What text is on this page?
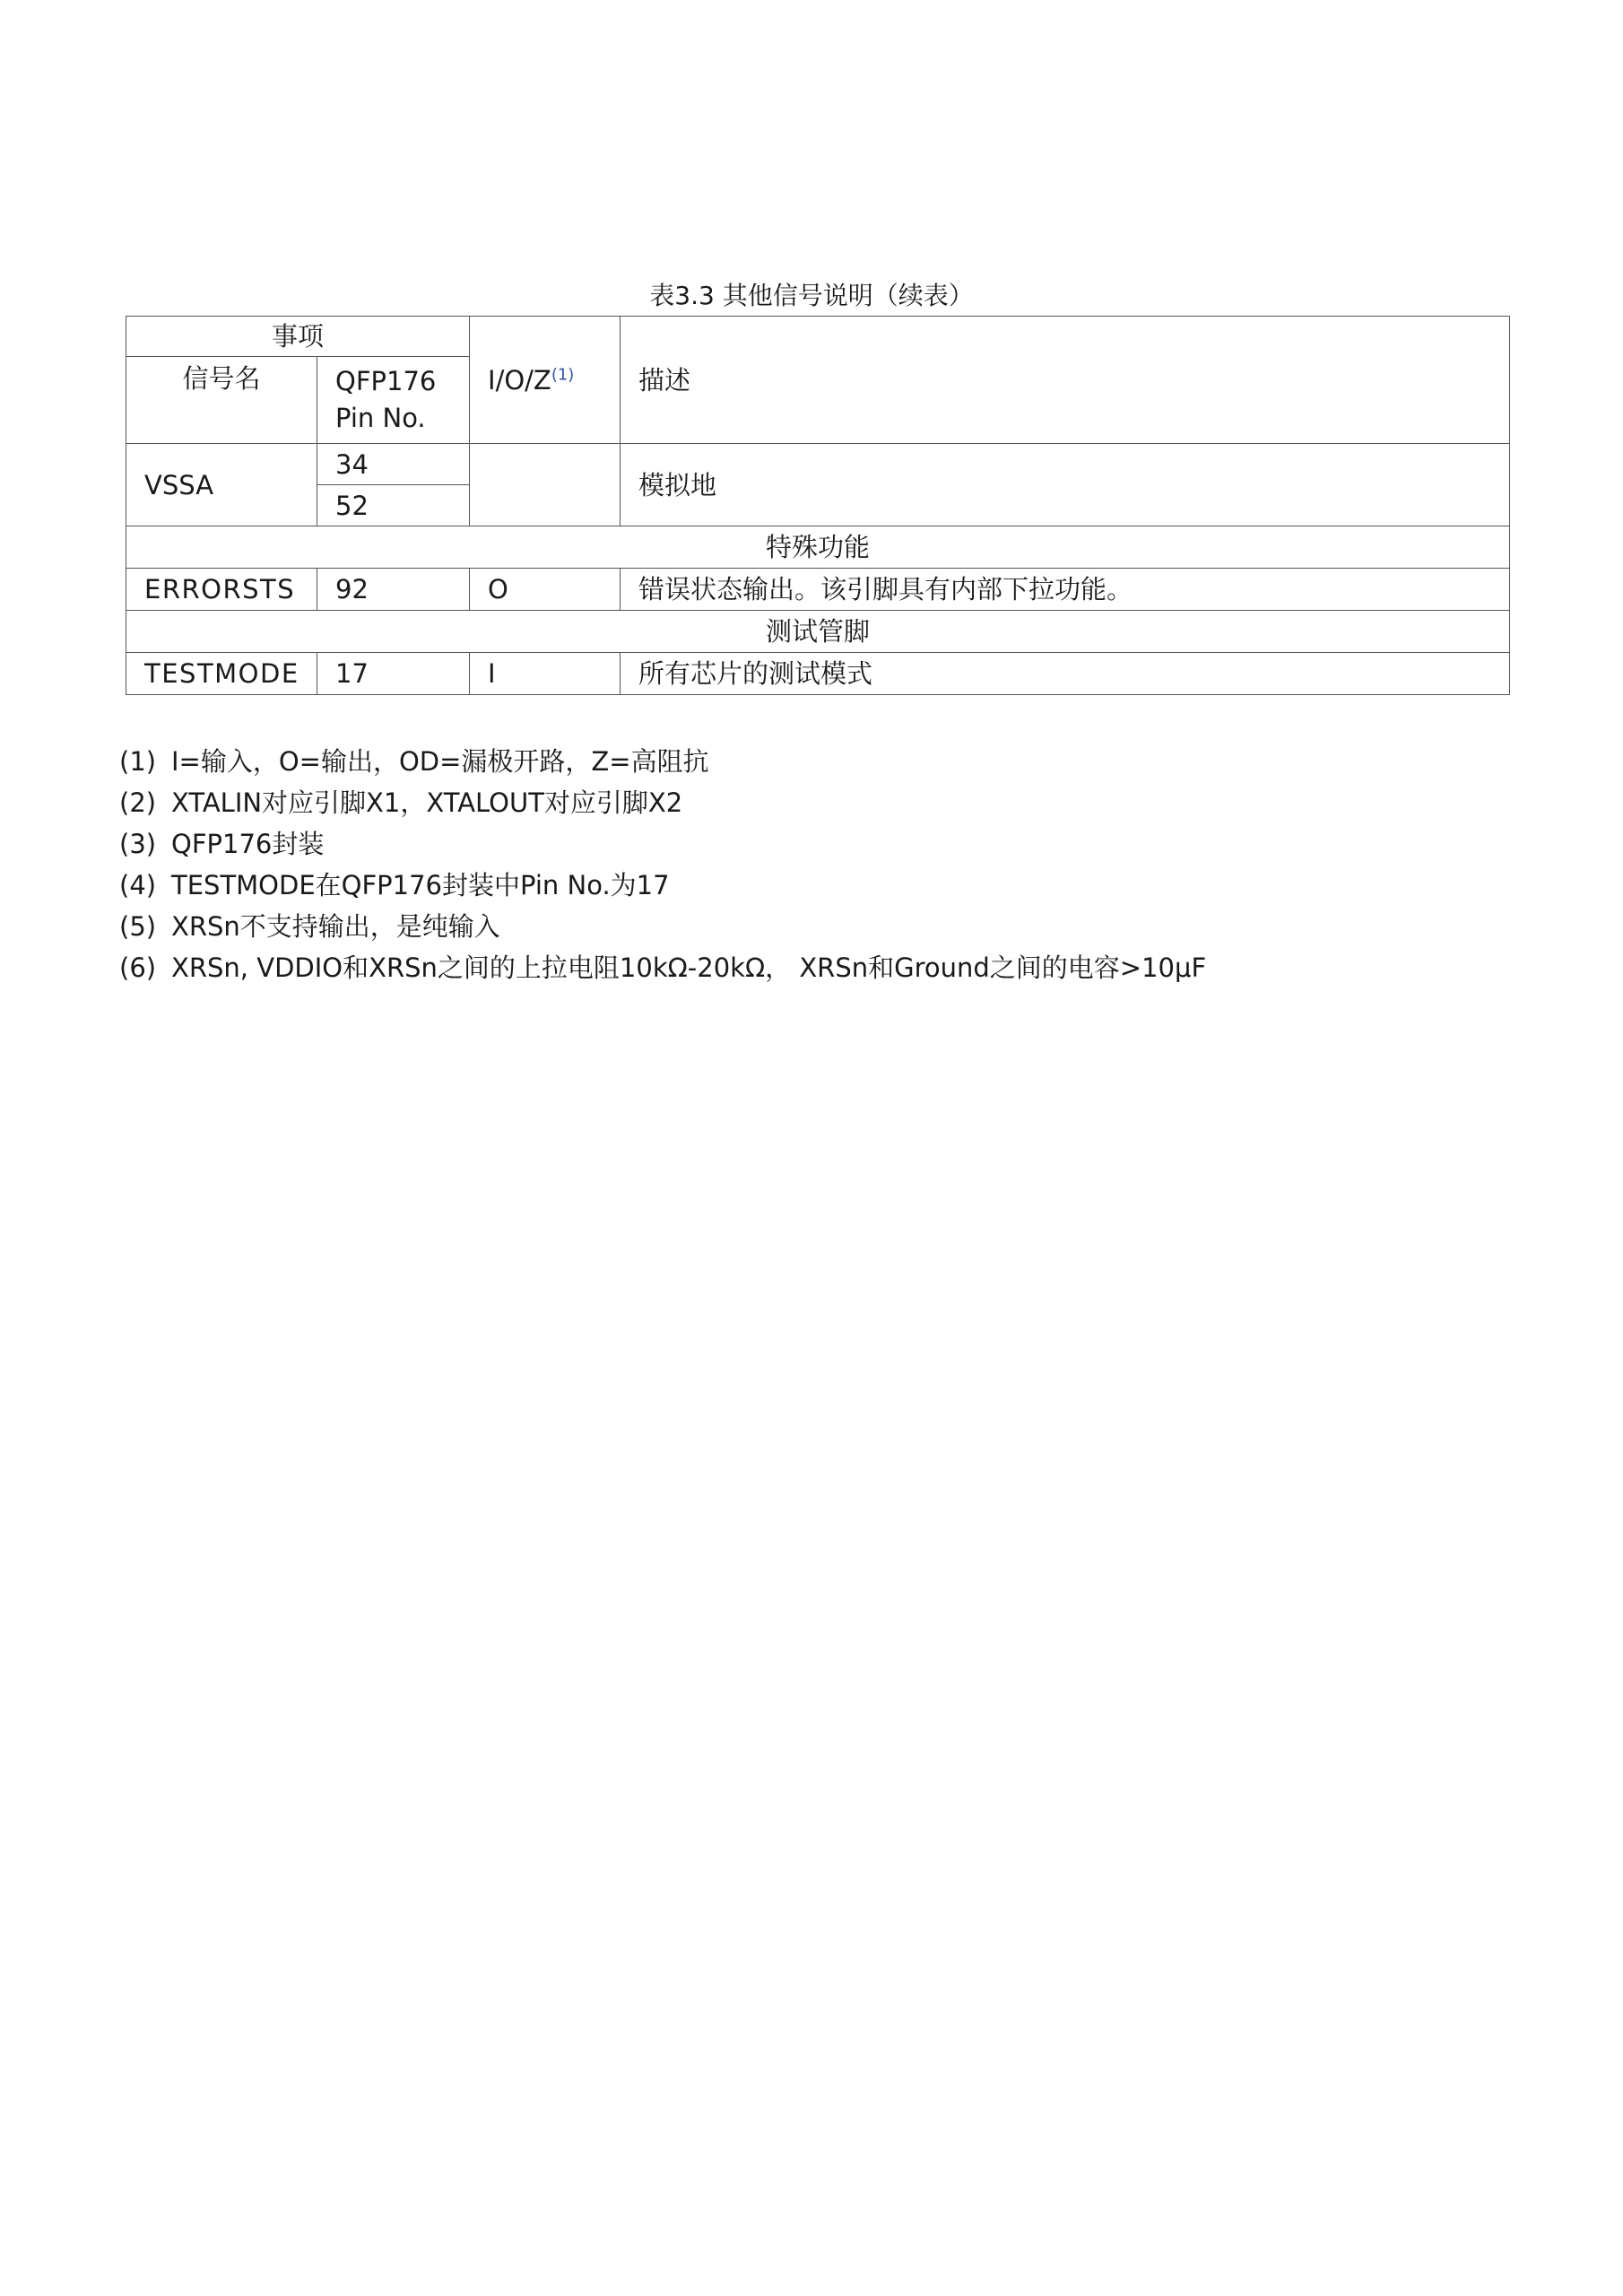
表3.3 其他信号说明（续表）
事项		$I/O/Z^{(1)}$	描述
信号名	QFP176
Pin No.		

VSSA	34		模拟地
	52		
特殊功能			
ERRORSTS	92	O	错误状态输出。该引脚具有内部下拉功能。
测试管脚			
TESTMODE	17	I	所有芯片的测试模式
(1) I=输入，O=输出，OD=漏极开路，Z=高阻抗
(2) XTALIN对应引脚X1，XTALOUT对应引脚X2
(3) QFP176封装
(4) TESTMODE在QFP176封装中Pin No.为17
(5) XRSn不支持输出，是纯输入
(6) XRSn, VDDIO和XRSn之间的上拉电阻10kΩ-20kΩ， XRSn和Ground之间的电容>10μF
